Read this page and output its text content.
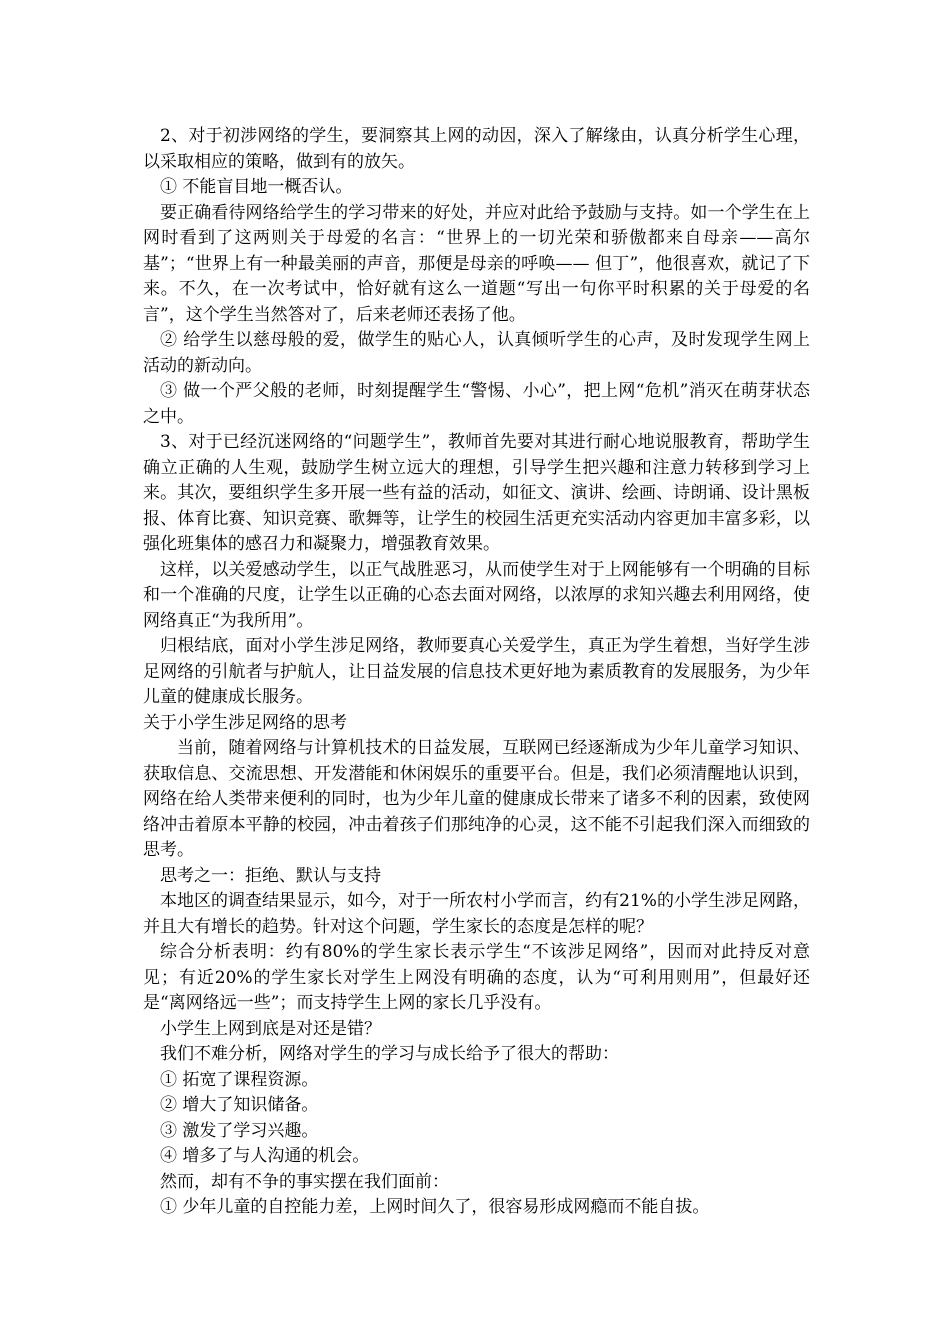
2、对于初涉网络的学生，要洞察其上网的动因，深入了解缘由，认真分析学生心理，以采取相应的策略，做到有的放矢。

① 不能盲目地一概否认。

要正确看待网络给学生的学习带来的好处，并应对此给予鼓励与支持。如一个学生在上网时看到了这两则关于母爱的名言：“世界上的一切光荣和骄傲都来自母亲——高尔基”；“世界上有一种最美丽的声音，那便是母亲的呼唤—— 但丁”，他很喜欢，就记了下来。不久，在一次考试中，恰好就有这么一道题“写出一句你平时积累的关于母爱的名言”，这个学生当然答对了，后来老师还表扬了他。

② 给学生以慈母般的爱，做学生的贴心人，认真倾听学生的心声，及时发现学生网上活动的新动向。

③ 做一个严父般的老师，时刻提醒学生“警惕、小心”，把上网“危机”消灭在萌芽状态之中。

3、对于已经沉迷网络的“问题学生”，教师首先要对其进行耐心地说服教育，帮助学生确立正确的人生观，鼓励学生树立远大的理想，引导学生把兴趣和注意力转移到学习上来。其次，要组织学生多开展一些有益的活动，如征文、演讲、绘画、诗朗诵、设计黑板报、体育比赛、知识竞赛、歌舞等，让学生的校园生活更充实活动内容更加丰富多彩，以强化班集体的感召力和凝聚力，增强教育效果。

这样，以关爱感动学生，以正气战胜恶习，从而使学生对于上网能够有一个明确的目标和一个准确的尺度，让学生以正确的心态去面对网络，以浓厚的求知兴趣去利用网络，使网络真正“为我所用”。

归根结底，面对小学生涉足网络，教师要真心关爱学生，真正为学生着想，当好学生涉足网络的引航者与护航人，让日益发展的信息技术更好地为素质教育的发展服务，为少年儿童的健康成长服务。

关于小学生涉足网络的思考

当前，随着网络与计算机技术的日益发展，互联网已经逐渐成为少年儿童学习知识、获取信息、交流思想、开发潜能和休闲娱乐的重要平台。但是，我们必须清醒地认识到，网络在给人类带来便利的同时，也为少年儿童的健康成长带来了诸多不利的因素，致使网络冲击着原本平静的校园，冲击着孩子们那纯净的心灵，这不能不引起我们深入而细致的思考。

思考之一：拒绝、默认与支持

本地区的调查结果显示，如今，对于一所农村小学而言，约有21%的小学生涉足网路，并且大有增长的趋势。针对这个问题，学生家长的态度是怎样的呢？

综合分析表明：约有80%的学生家长表示学生“不该涉足网络”，因而对此持反对意见；有近20%的学生家长对学生上网没有明确的态度，认为“可利用则用”，但最好还是“离网络远一些”；而支持学生上网的家长几乎没有。

小学生上网到底是对还是错？

我们不难分析，网络对学生的学习与成长给予了很大的帮助：

① 拓宽了课程资源。

② 增大了知识储备。

③ 激发了学习兴趣。

④ 增多了与人沟通的机会。

然而，却有不争的事实摆在我们面前：

① 少年儿童的自控能力差，上网时间久了，很容易形成网瘾而不能自拔。
